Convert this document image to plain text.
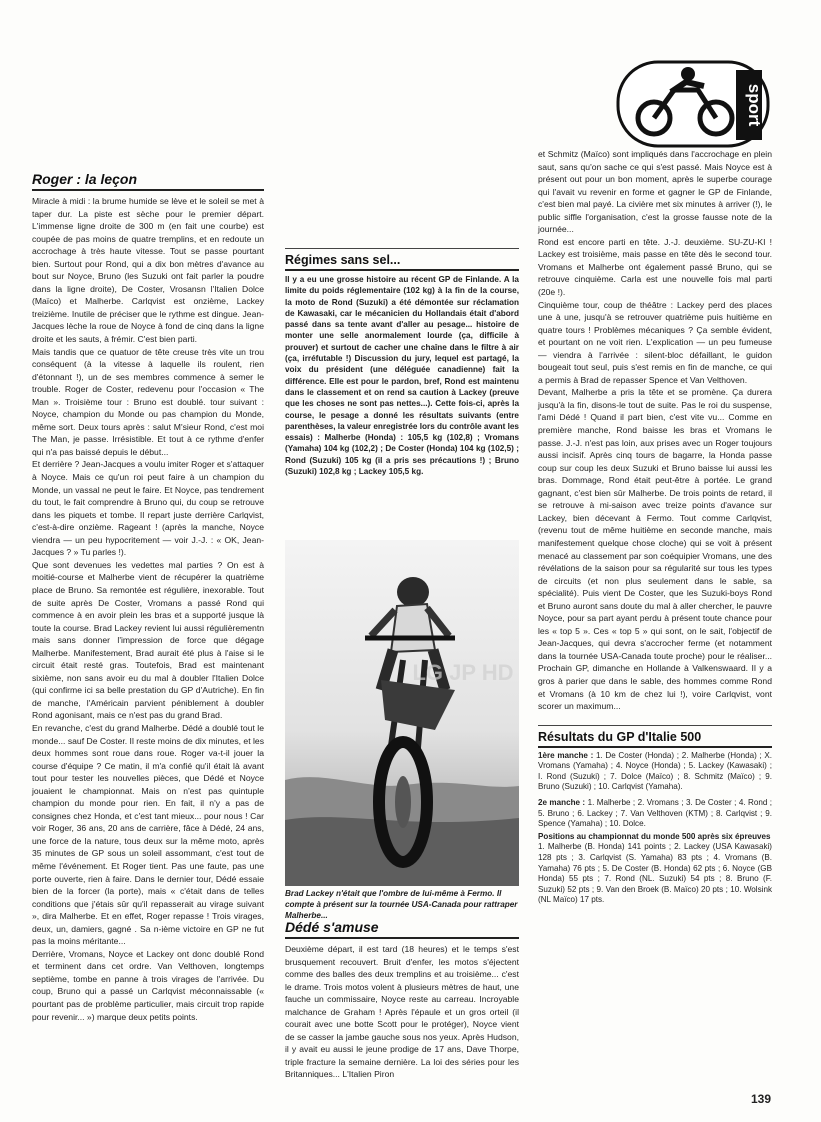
sport
Roger : la leçon

Miracle à midi : la brume humide se lève et le soleil se met à taper dur. La piste est sèche pour le premier départ. L'immense ligne droite de 300 m (en fait une courbe) est coupée de pas moins de quatre tremplins, et en redoute un accrochage à très haute vitesse. Tout se passe pourtant bien. Surtout pour Rond, qui a dix bon mètres d'avance au bout sur Noyce, Bruno (les Suzuki ont fait parler la poudre dans la ligne droite), De Coster, Vrosansn l'Italien Dolce (Maïco) et Malherbe. Carlqvist est onzième, Lackey treizième. Inutile de préciser que le rythme est dingue. Jean-Jacques lèche la roue de Noyce à fond de cinq dans la ligne droite et les sauts, à frémir. C'est bien parti.

Mais tandis que ce quatuor de tête creuse très vite un trou conséquent (à la vitesse à laquelle ils roulent, rien d'étonnant !), un de ses membres commence à semer le trouble. Roger de Coster, redevenu pour l'occasion « The Man ». Troisième tour : Bruno est doublé. tour suivant : Noyce, champion du Monde ou pas champion du Monde, même sort. Deux tours après : salut M'sieur Rond, c'est moi The Man, je passe. Irrésistible. Et tout à ce rythme d'enfer qui n'a pas baissé depuis le début...

Et derrière ? Jean-Jacques a voulu imiter Roger et s'attaquer à Noyce. Mais ce qu'un roi peut faire à un champion du Monde, un vassal ne peut le faire. Et Noyce, pas tendrement du tout, le fait comprendre à Bruno qui, du coup se retrouve dans les piquets et tombe. Il repart juste derrière Carlqvist, c'est-à-dire onzième. Rageant ! (après la manche, Noyce viendra — un peu hypocritement — voir J.-J. : « OK, Jean-Jacques ? » Tu parles !).

Que sont devenues les vedettes mal parties ? On est à moitié-course et Malherbe vient de récupérer la quatrième place de Bruno. Sa remontée est régulière, inexorable. Tout de suite après De Coster, Vromans a passé Rond qui commence à en avoir plein les bras et a supporté jusque là toute la course. Brad Lackey revient lui aussi régulièrementn mais sans donner l'impression de force que dégage Malherbe. Manifestement, Brad aurait été plus à l'aise si le circuit était resté gras. Toutefois, Brad est maintenant sixième, non sans avoir eu du mal à doubler l'Italien Dolce (qui confirme ici sa belle prestation du GP d'Autriche). En fin de manche, l'Américain parvient péniblement à doubler Rond agonisant, mais ce n'est pas du grand Brad.

En revanche, c'est du grand Malherbe. Dédé a doublé tout le monde... sauf De Coster. Il reste moins de dix minutes, et les deux hommes sont roue dans roue. Roger va-t-il jouer la course d'équipe ? Ce matin, il m'a confié qu'il était là avant tout pour tester les nouvelles pièces, que Dédé et Noyce jouaient le championnat. Mais on n'est pas quintuple champion du monde pour rien. En fait, il n'y a pas de consignes chez Honda, et c'est tant mieux... pour nous ! Car voir Roger, 36 ans, 20 ans de carrière, fâce à Dédé, 24 ans, une force de la nature, tous deux sur la même moto, après 35 minutes de GP sous un soleil assommant, c'est tout de même l'événement. Et Roger tient. Pas une faute, pas une porte ouverte, rien à faire. Dans le dernier tour, Dédé essaie bien de la forcer (la porte), mais « c'était dans de telles conditions que j'étais sûr qu'il repasserait au virage suivant », dira Malherbe. Et en effet, Roger repasse ! Trois virages, deux, un, damiers, gagné . Sa n-ième victoire en GP ne fut pas la moins méritante...

Derrière, Vromans, Noyce et Lackey ont donc doublé Rond et terminent dans cet ordre. Van Velthoven, longtemps septième, tombe en panne à trois virages de l'arrivée. Du coup, Bruno qui a passé un Carlqvist méconnaissable (« pourtant pas de problème particulier, mais circuit trop rapide pour revenir... ») marque deux petits points.

Régimes sans sel...

Il y a eu une grosse histoire au récent GP de Finlande. A la limite du poids réglementaire (102 kg) à la fin de la course, la moto de Rond (Suzuki) a été démontée sur réclamation de Kawasaki, car le mécanicien du Hollandais était d'abord passé dans sa tente avant d'aller au pesage... histoire de monter une selle anormalement lourde (ça, difficile à prouver) et surtout de cacher une chaîne dans le filtre à air (ça, irréfutable !) Discussion du jury, lequel est partagé, la voix du président (une déléguée canadienne) fait la différence. Elle est pour le pardon, bref, Rond est maintenu dans le classement et on rend sa caution à Lackey (preuve que les choses ne sont pas nettes...). Cette fois-ci, après la course, le pesage a donné les résultats suivants (entre parenthèses, la valeur enregistrée lors du contrôle avant les essais) : Malherbe (Honda) : 105,5 kg (102,8) ; Vromans (Yamaha) 104 kg (102,2) ; De Coster (Honda) 104 kg (102,5) ; Rond (Suzuki) 105 kg (il a pris ses précautions !) ; Bruno (Suzuki) 102,8 kg ; Lackey 105,5 kg.

LG JP HD
Brad Lackey n'était que l'ombre de lui-même à Fermo. Il compte à présent sur la tournée USA-Canada pour rattraper Malherbe...
Dédé s'amuse

Deuxième départ, il est tard (18 heures) et le temps s'est brusquement recouvert. Bruit d'enfer, les motos s'éjectent comme des balles des deux tremplins et au troisième... c'est le drame. Trois motos volent à plusieurs mètres de haut, une fauche un commissaire, Noyce reste au carreau. Incroyable malchance de Graham ! Après l'épaule et un gros orteil (il courait avec une botte Scott pour le protéger), Noyce vient de se casser la jambe gauche sous nos yeux. Après Hudson, il y avait eu aussi le jeune prodige de 17 ans, Dave Thorpe, triple fracture la semaine dernière. La loi des séries pour les Britanniques... L'Italien Piron

et Schmitz (Maïco) sont impliqués dans l'accrochage en plein saut, sans qu'on sache ce qui s'est passé. Mais Noyce est à présent out pour un bon moment, après le superbe courage qui l'avait vu revenir en forme et gagner le GP de Finlande, c'est bien mal payé. La civière met six minutes à arriver (!), le public siffle l'organisation, c'est la grosse fausse note de la journée...

Rond est encore parti en tête. J.-J. deuxième. SU-ZU-KI ! Lackey est troisième, mais passe en tête dès le second tour. Vromans et Malherbe ont également passé Bruno, qui se retrouve cinquième. Carla est une nouvelle fois mal parti (20e !).

Cinquième tour, coup de théâtre : Lackey perd des places une à une, jusqu'à se retrouver quatrième puis huitième en quatre tours ! Problèmes mécaniques ? Ça semble évident, et pourtant on ne voit rien. L'explication — un peu fumeuse — viendra à l'arrivée : silent-bloc défaillant, le guidon bougeait tout seul, puis s'est remis en fin de manche, ce qui a permis à Brad de repasser Spence et Van Velthoven.

Devant, Malherbe a pris la tête et se promène. Ça durera jusqu'à la fin, disons-le tout de suite. Pas le roi du suspense, l'ami Dédé ! Quand il part bien, c'est vite vu... Comme en première manche, Rond baisse les bras et Vromans le passe. J.-J. n'est pas loin, aux prises avec un Roger toujours aussi incisif. Après cinq tours de bagarre, la Honda passe coup sur coup les deux Suzuki et Bruno baisse lui aussi les bras. Dommage, Rond était peut-être à portée. Le grand gagnant, c'est bien sûr Malherbe. De trois points de retard, il se retrouve à mi-saison avec treize points d'avance sur Lackey, bien décevant à Fermo. Tout comme Carlqvist, (revenu tout de même huitième en seconde manche, mais manifestement quelque chose cloche) qui se voit à présent menacé au classement par son coéquipier Vromans, une des révélations de la saison pour sa régularité sur tous les types de circuits (et non plus seulement dans le sable, sa spécialité). Puis vient De Coster, que les Suzuki-boys Rond et Bruno auront sans doute du mal à aller chercher, le pauvre Noyce, pour sa part ayant perdu à présent toute chance pour les « top 5 ». Ces « top 5 » qui sont, on le sait, l'objectif de Jean-Jacques, qui devra s'accrocher ferme (et notamment dans la tournée USA-Canada toute proche) pour le réaliser... Prochain GP, dimanche en Hollande à Valkenswaard. Il y a gros à parier que dans le sable, des hommes comme Rond et Vromans (à 10 km de chez lui !), voire Carlqvist, vont scorer un maximum...

Résultats du GP d'Italie 500

1ère manche : 1. De Coster (Honda) ; 2. Malherbe (Honda) ; X. Vromans (Yamaha) ; 4. Noyce (Honda) ; 5. Lackey (Kawasaki) ; I. Rond (Suzuki) ; 7. Dolce (Maïco) ; 8. Schmitz (Maïco) ; 9. Bruno (Suzuki) ; 10. Carlqvist (Yamaha).

2e manche : 1. Malherbe ; 2. Vromans ; 3. De Coster ; 4. Rond ; 5. Bruno ; 6. Lackey ; 7. Van Velthoven (KTM) ; 8. Carlqvist ; 9. Spence (Yamaha) ; 10. Dolce.

Positions au championnat du monde 500 après six épreuves
1. Malherbe (B. Honda) 141 points ; 2. Lackey (USA Kawasaki) 128 pts ; 3. Carlqvist (S. Yamaha) 83 pts ; 4. Vromans (B. Yamaha) 76 pts ; 5. De Coster (B. Honda) 62 pts ; 6. Noyce (GB Honda) 55 pts ; 7. Rond (NL. Suzuki) 54 pts ; 8. Bruno (F. Suzuki) 52 pts ; 9. Van den Broek (B. Maïco) 20 pts ; 10. Wolsink (NL Maïco) 17 pts.

139
